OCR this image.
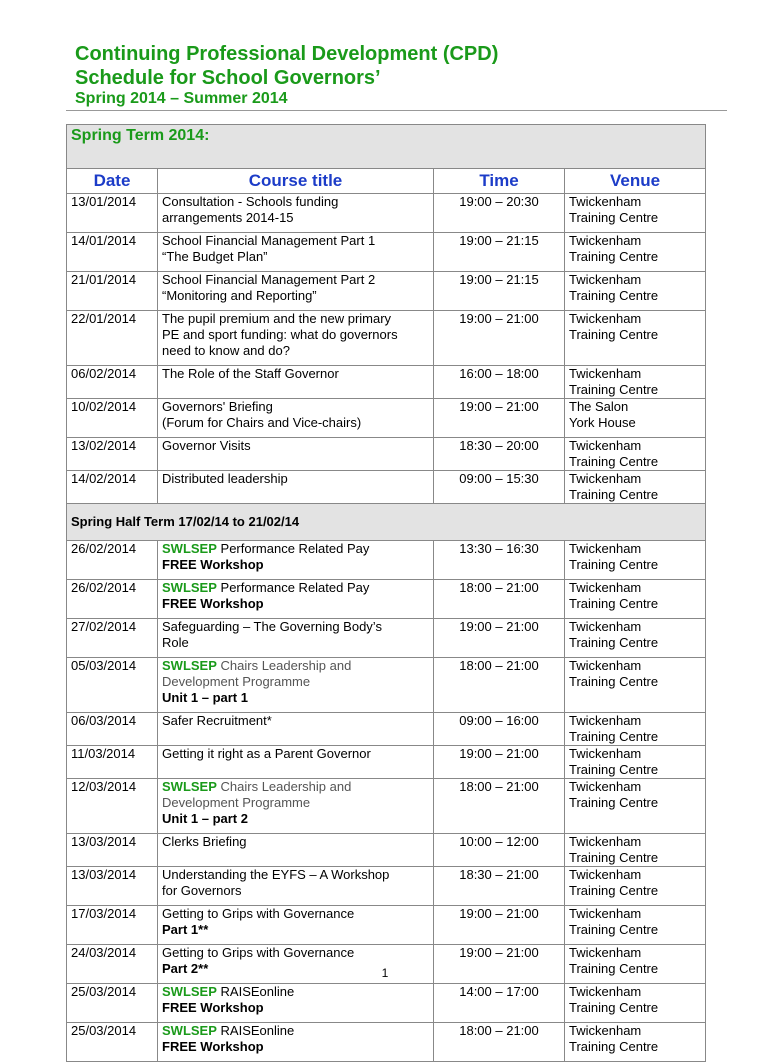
Continuing Professional Development (CPD)
Schedule for School Governors’
Spring 2014 – Summer 2014
Spring Term 2014:			
Date	Course title	Time	Venue
13/01/2014	Consultation - Schools funding
arrangements 2014-15	19:00 – 20:30	Twickenham
Training Centre

14/01/2014	School Financial Management Part 1
“The Budget Plan”	19:00 – 21:15	Twickenham
Training Centre

21/01/2014	School Financial Management Part 2
“Monitoring and Reporting”	19:00 – 21:15	Twickenham
Training Centre

22/01/2014	The pupil premium and the new primary
PE and sport funding: what do governors
need to know and do?	19:00 – 21:00	Twickenham
Training Centre

06/02/2014	The Role of the Staff Governor	16:00 – 18:00	Twickenham
Training Centre

10/02/2014	Governors' Briefing
(Forum for Chairs and Vice-chairs)	19:00 – 21:00	The Salon
York House

13/02/2014	Governor Visits	18:30 – 20:00	Twickenham
Training Centre

14/02/2014	Distributed leadership	09:00 – 15:30	Twickenham
Training Centre

Spring Half Term 17/02/14 to 21/02/14			
26/02/2014	SWLSEP Performance Related Pay
FREE Workshop	13:30 – 16:30	Twickenham
Training Centre

26/02/2014	SWLSEP Performance Related Pay
FREE Workshop	18:00 – 21:00	Twickenham
Training Centre

27/02/2014	Safeguarding – The Governing Body’s
Role	19:00 – 21:00	Twickenham
Training Centre

05/03/2014	SWLSEP Chairs Leadership and
Development Programme
Unit 1 – part 1	18:00 – 21:00	Twickenham
Training Centre

06/03/2014	Safer Recruitment*	09:00 – 16:00	Twickenham
Training Centre

11/03/2014	Getting it right as a Parent Governor	19:00 – 21:00	Twickenham
Training Centre

12/03/2014	SWLSEP Chairs Leadership and
Development Programme
Unit 1 – part 2	18:00 – 21:00	Twickenham
Training Centre

13/03/2014	Clerks Briefing	10:00 – 12:00	Twickenham
Training Centre

13/03/2014	Understanding the EYFS – A Workshop
for Governors	18:30 – 21:00	Twickenham
Training Centre

17/03/2014	Getting to Grips with Governance
Part 1**	19:00 – 21:00	Twickenham
Training Centre

24/03/2014	Getting to Grips with Governance
Part 2**	19:00 – 21:00	Twickenham
Training Centre

25/03/2014	SWLSEP RAISEonline
FREE Workshop	14:00 – 17:00	Twickenham
Training Centre

25/03/2014	SWLSEP RAISEonline
FREE Workshop	18:00 – 21:00	Twickenham
Training Centre
1
